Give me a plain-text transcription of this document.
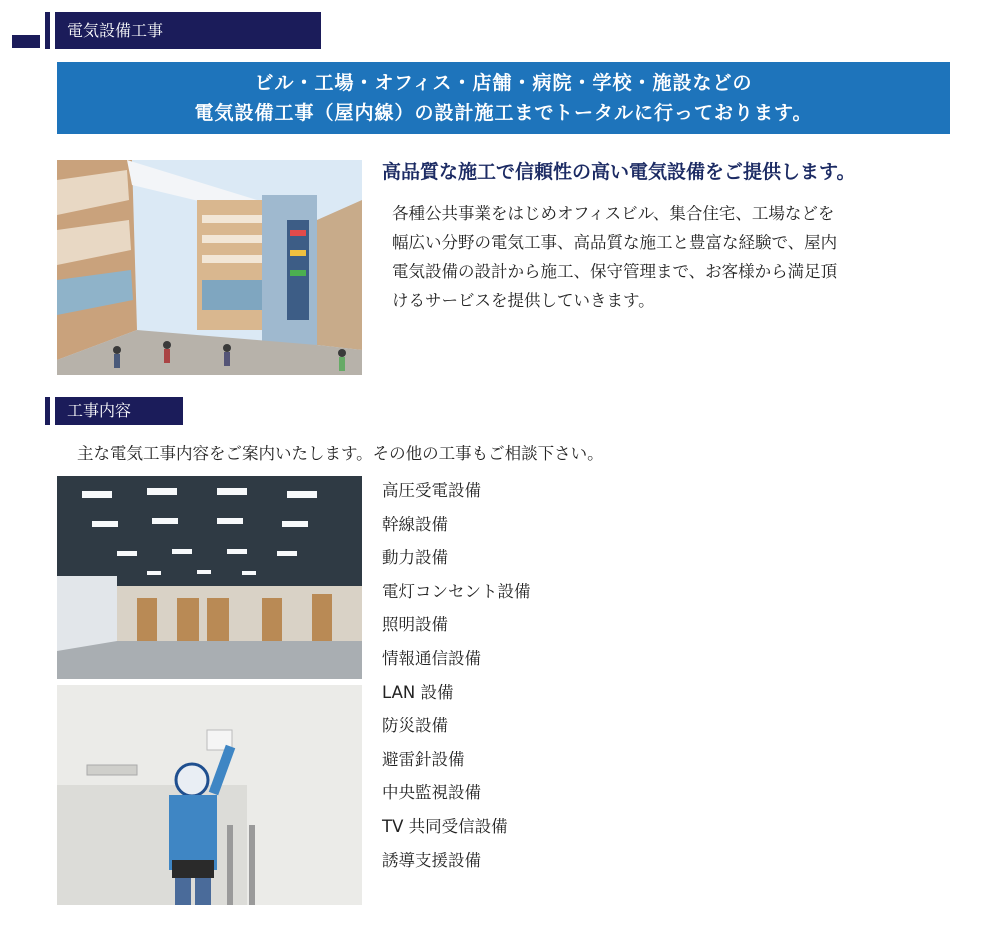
電気設備工事
ビル・工場・オフィス・店舗・病院・学校・施設などの
電気設備工事（屋内線）の設計施工までトータルに行っております。
高品質な施工で信頼性の高い電気設備をご提供します。
各種公共事業をはじめオフィスビル、集合住宅、工場などを
幅広い分野の電気工事、高品質な施工と豊富な経験で、屋内
電気設備の設計から施工、保守管理まで、お客様から満足頂
けるサービスを提供していきます。
工事内容
主な電気工事内容をご案内いたします。その他の工事もご相談下さい。
高圧受電設備
幹線設備
動力設備
電灯コンセント設備
照明設備
情報通信設備
LAN 設備
防災設備
避雷針設備
中央監視設備
TV 共同受信設備
誘導支援設備
